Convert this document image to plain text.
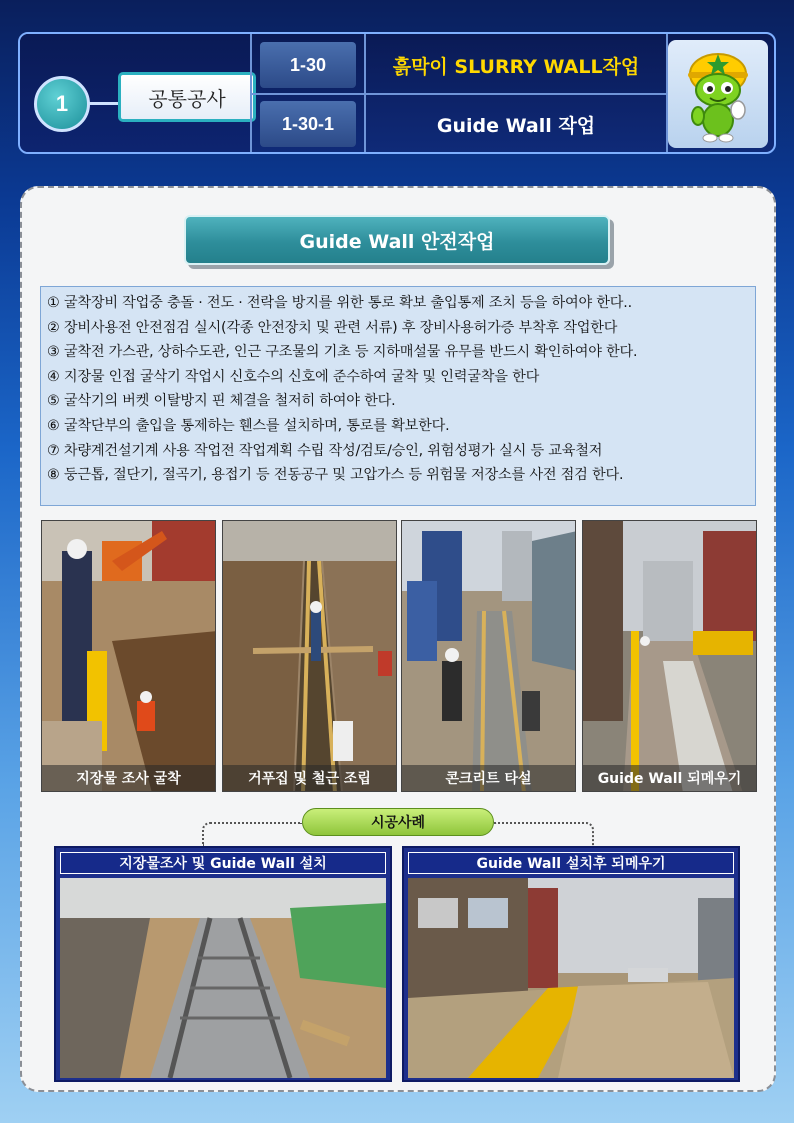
1	공통공사
1-30	흙막이 SLURRY WALL작업
1-30-1	Guide Wall 작업
Guide Wall 안전작업
① 굴착장비 작업중 충돌 · 전도 · 전락을 방지를 위한 통로 확보 출입통제 조치 등을 하여야 한다..
② 장비사용전 안전점검 실시(각종 안전장치 및 관련 서류) 후 장비사용허가증 부착후 작업한다
③ 굴착전 가스관, 상하수도관, 인근 구조물의 기초 등 지하매설물 유무를 반드시 확인하여야 한다.
④ 지장물 인접 굴삭기 작업시 신호수의 신호에 준수하여 굴착 및 인력굴착을 한다
⑤ 굴삭기의 버켓 이탈방지 핀 체결을 철저히 하여야 한다.
⑥ 굴착단부의 출입을 통제하는 휀스를 설치하며, 통로를 확보한다.
⑦ 차량계건설기계 사용 작업전 작업계획 수립 작성/검토/승인, 위험성평가 실시 등 교육철저
⑧ 둥근톱, 절단기, 절곡기, 용접기 등 전동공구 및 고압가스 등 위험물 저장소를 사전 점검 한다.
지장물 조사 굴착	거푸집 및 철근 조립	콘크리트 타설	Guide Wall 되메우기
시공사례
지장물조사 및 Guide Wall 설치	Guide Wall 설치후 되메우기
